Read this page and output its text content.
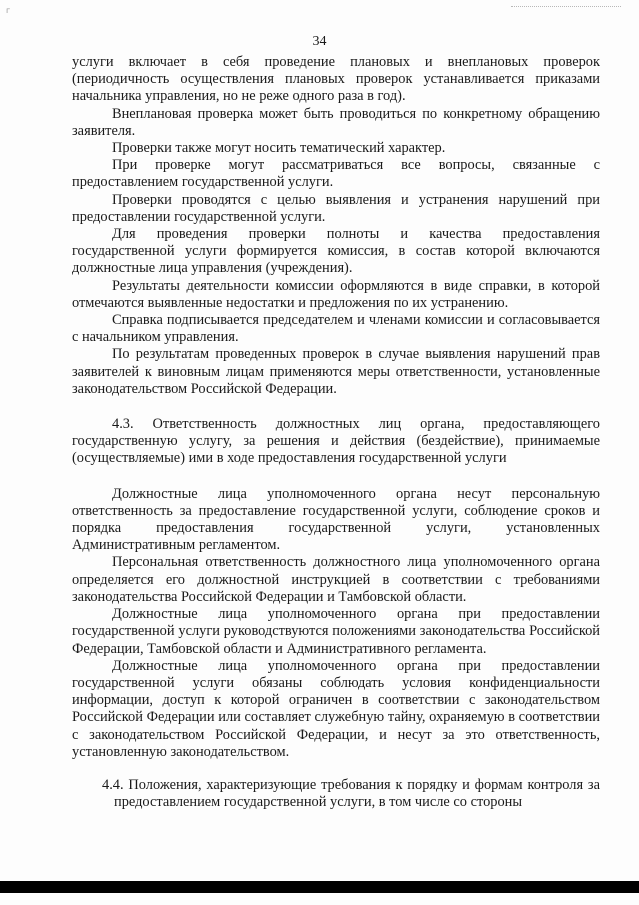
г
34

услуги включает в себя проведение плановых и внеплановых проверок (периодичность осуществления плановых проверок устанавливается приказами начальника управления, но не реже одного раза в год).

Внеплановая проверка может быть проводиться по конкретному обращению заявителя.

Проверки также могут носить тематический характер.

При проверке могут рассматриваться все вопросы, связанные с предоставлением государственной услуги.

Проверки проводятся с целью выявления и устранения нарушений при предоставлении государственной услуги.

Для проведения проверки полноты и качества предоставления государственной услуги формируется комиссия, в состав которой включаются должностные лица управления (учреждения).

Результаты деятельности комиссии оформляются в виде справки, в которой отмечаются выявленные недостатки и предложения по их устранению.

Справка подписывается председателем и членами комиссии и согласовывается с начальником управления.

По результатам проведенных проверок в случае выявления нарушений прав заявителей к виновным лицам применяются меры ответственности, установленные законодательством Российской Федерации.

4.3. Ответственность должностных лиц органа, предоставляющего государственную услугу, за решения и действия (бездействие), принимаемые (осуществляемые) ими в ходе предоставления государственной услуги

Должностные лица уполномоченного органа несут персональную ответственность за предоставление государственной услуги, соблюдение сроков и порядка предоставления государственной услуги, установленных Административным регламентом.

Персональная ответственность должностного лица уполномоченного органа определяется его должностной инструкцией в соответствии с требованиями законодательства Российской Федерации и Тамбовской области.

Должностные лица уполномоченного органа при предоставлении государственной услуги руководствуются положениями законодательства Российской Федерации, Тамбовской области и Административного регламента.

Должностные лица уполномоченного органа при предоставлении государственной услуги обязаны соблюдать условия конфиденциальности информации, доступ к которой ограничен в соответствии с законодательством Российской Федерации или составляет служебную тайну, охраняемую в соответствии с законодательством Российской Федерации, и несут за это ответственность, установленную законодательством.

4.4. Положения, характеризующие требования к порядку и формам контроля за предоставлением государственной услуги, в том числе со стороны
